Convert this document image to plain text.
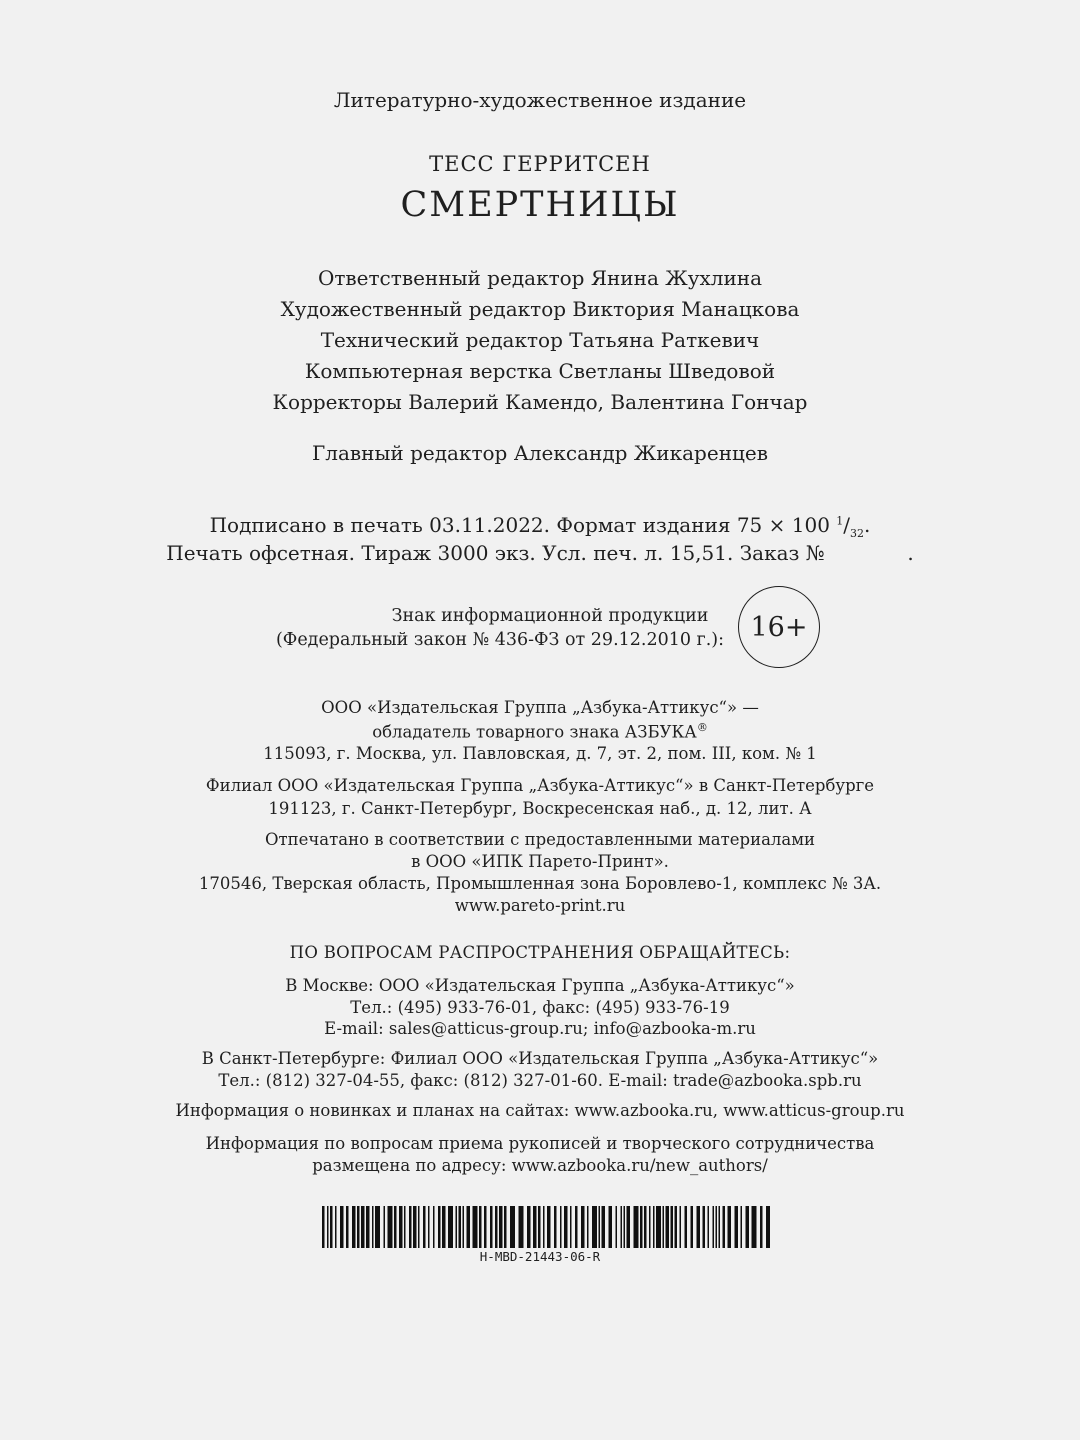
Литературно-художественное издание
ТЕСС ГЕРРИТСЕН
СМЕРТНИЦЫ
Ответственный редактор Янина Жухлина
Художественный редактор Виктория Манацкова
Технический редактор Татьяна Раткевич
Компьютерная верстка Светланы Шведовой
Корректоры Валерий Камендо, Валентина Гончар
Главный редактор Александр Жикаренцев
Подписано в печать 03.11.2022. Формат издания 75 × 100 $^1/_{32}$.
Печать офсетная. Тираж 3000 экз. Усл. печ. л. 15,51. Заказ №             .
Знак информационной продукции
(Федеральный закон № 436-ФЗ от 29.12.2010 г.): 16+
ООО «Издательская Группа „Азбука-Аттикус“» —
обладатель товарного знака АЗБУКА®
115093, г. Москва, ул. Павловская, д. 7, эт. 2, пом. III, ком. № 1
Филиал ООО «Издательская Группа „Азбука-Аттикус“» в Санкт-Петербурге
191123, г. Санкт-Петербург, Воскресенская наб., д. 12, лит. А
Отпечатано в соответствии с предоставленными материалами
в ООО «ИПК Парето-Принт».
170546, Тверская область, Промышленная зона Боровлево-1, комплекс № 3А.
www.pareto-print.ru
ПО ВОПРОСАМ РАСПРОСТРАНЕНИЯ ОБРАЩАЙТЕСЬ:
В Москве: ООО «Издательская Группа „Азбука-Аттикус“»
Тел.: (495) 933-76-01, факс: (495) 933-76-19
E-mail: sales@atticus-group.ru; info@azbooka-m.ru
В Санкт-Петербурге: Филиал ООО «Издательская Группа „Азбука-Аттикус“»
Тел.: (812) 327-04-55, факс: (812) 327-01-60. E-mail: trade@azbooka.spb.ru
Информация о новинках и планах на сайтах: www.azbooka.ru, www.atticus-group.ru
Информация по вопросам приема рукописей и творческого сотрудничества
размещена по адресу: www.azbooka.ru/new_authors/
H-MBD-21443-06-R
